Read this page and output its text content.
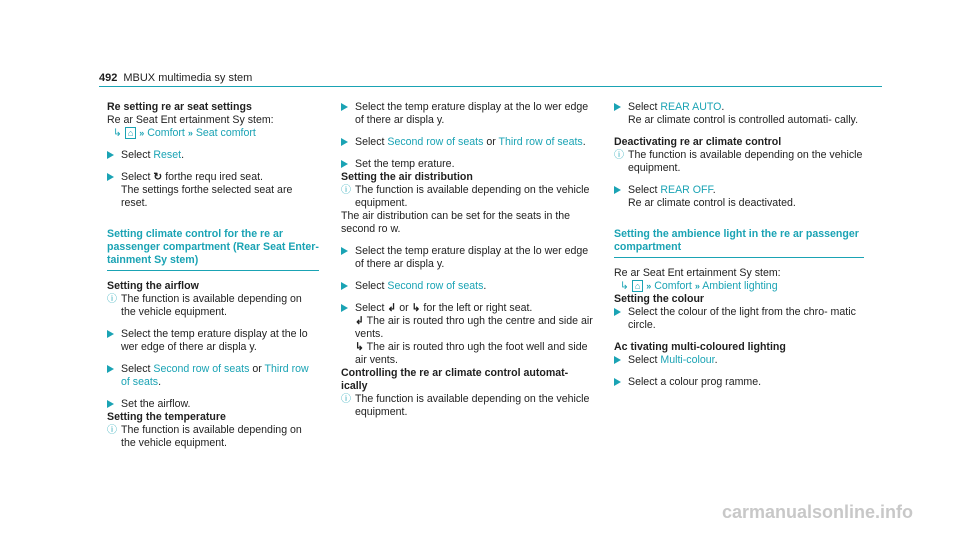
492 MBUX multimedia sy stem

Re setting re ar seat settings

Re ar Seat Ent ertainment Sy stem:

↳ ⌂ » Comfort » Seat comfort

Select Reset.
Select ↻ forthe requ ired seat.
The settings forthe selected seat are reset.

Setting climate control for the re ar passenger compartment (Rear Seat Enter‐ tainment Sy stem)

Setting the airflow

ⓘ The function is available depending on the vehicle equipment.
Select the temp erature display at the lo wer edge of there ar displa y.
Select Second row of seats or Third row of seats.
Set the airflow.

Setting the temperature

ⓘ The function is available depending on the vehicle equipment.
Select the temp erature display at the lo wer edge of there ar displa y.
Select Second row of seats or Third row of seats.
Set the temp erature.

Setting the air distribution

ⓘ The function is available depending on the vehicle equipment.

The air distribution can be set for the seats in the second ro w.

Select the temp erature display at the lo wer edge of there ar displa y.
Select Second row of seats.
Select ↲ or ↳ for the left or right seat.
↲ The air is routed thro ugh the centre and side air vents.
↳ The air is routed thro ugh the foot well and side air vents.

Controlling the re ar climate control automat‐ ically

ⓘ The function is available depending on the vehicle equipment.
Select REAR AUTO.
Re ar climate control is controlled automati‐ cally.

Deactivating re ar climate control

ⓘ The function is available depending on the vehicle equipment.
Select REAR OFF.
Re ar climate control is deactivated.

Setting the ambience light in the re ar passenger compartment

Re ar Seat Ent ertainment Sy stem:

↳ ⌂ » Comfort » Ambient lighting

Setting the colour

Select the colour of the light from the chro‐ matic circle.

Ac tivating multi-coloured lighting

Select Multi-colour.
Select a colour prog ramme.
carmanualsonline.info
